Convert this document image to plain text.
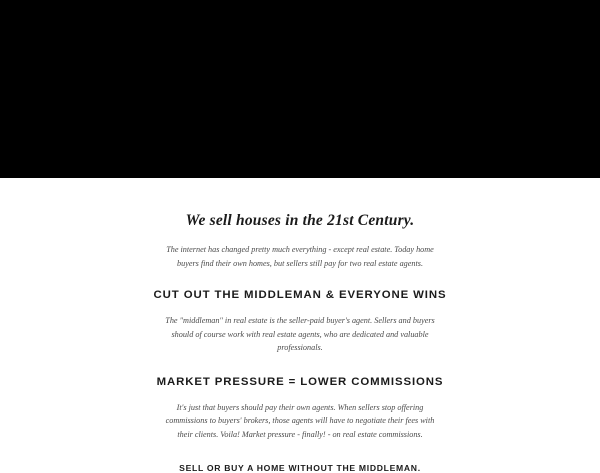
We sell houses in the 21st Century.

The internet has changed pretty much everything - except real estate. Today home buyers find their own homes, but sellers still pay for two real estate agents.

CUT OUT THE MIDDLEMAN & EVERYONE WINS

The "middleman" in real estate is the seller-paid buyer's agent. Sellers and buyers should of course work with real estate agents, who are dedicated and valuable professionals.

MARKET PRESSURE = LOWER COMMISSIONS

It's just that buyers should pay their own agents. When sellers stop offering commissions to buyers' brokers, those agents will have to negotiate their fees with their clients. Voila! Market pressure - finally! - on real estate commissions.

SELL OR BUY A HOME WITHOUT THE MIDDLEMAN.
